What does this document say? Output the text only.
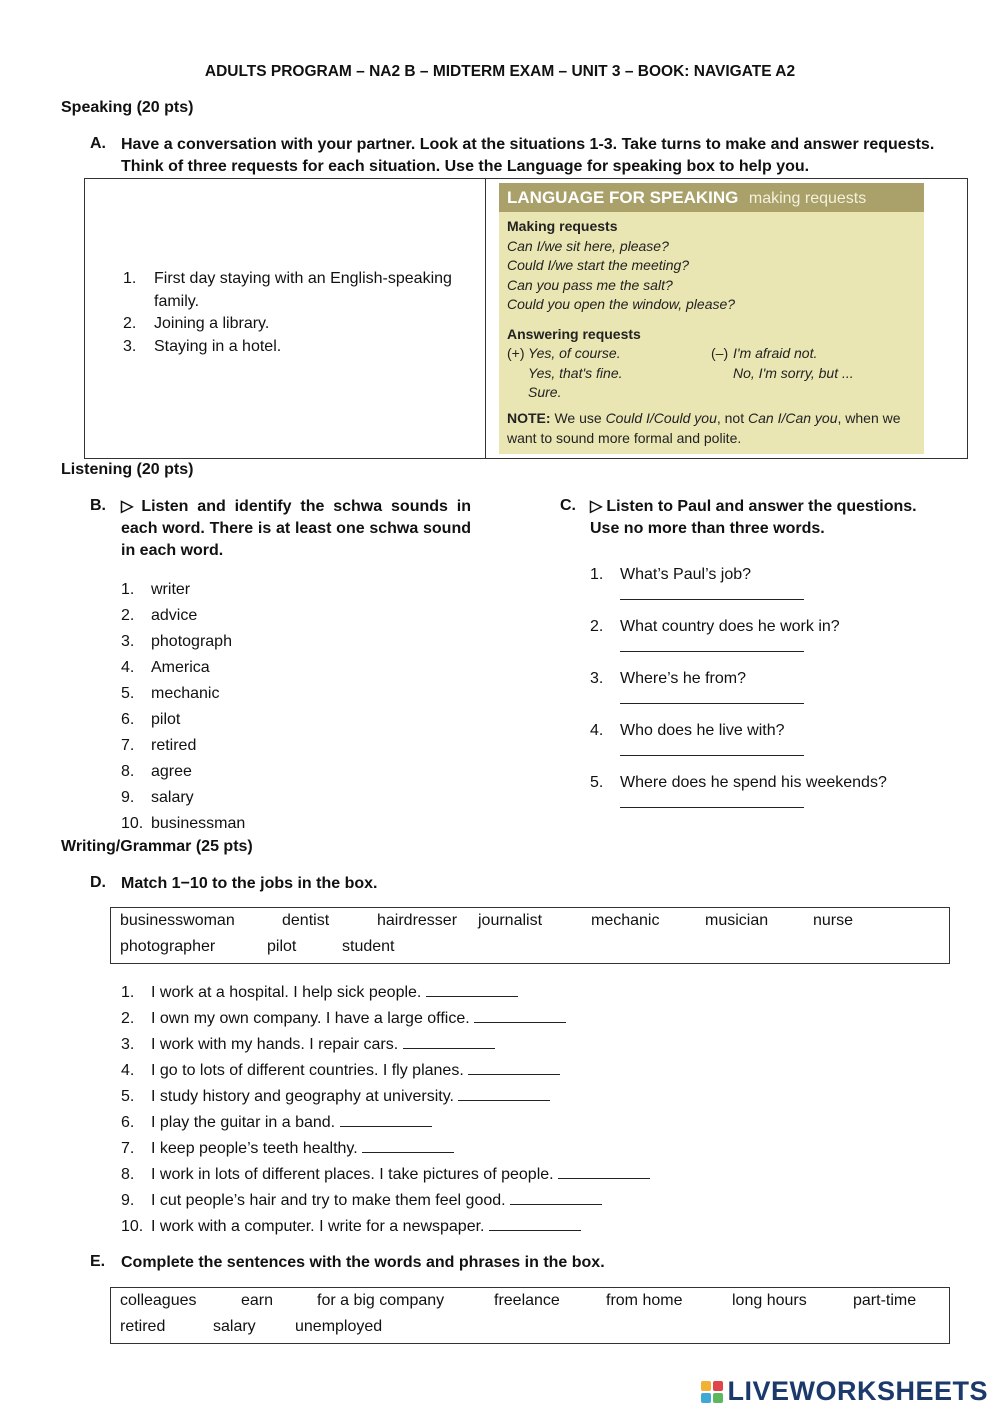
ADULTS PROGRAM – NA2 B – MIDTERM EXAM – UNIT 3 – BOOK: NAVIGATE A2
Speaking (20 pts)
A. Have a conversation with your partner. Look at the situations 1-3. Take turns to make and answer requests.
Think of three requests for each situation. Use the Language for speaking box to help you.
1. First day staying with an English-speaking family.
2. Joining a library.
3. Staying in a hotel.
LANGUAGE FOR SPEAKING making requests
Making requests
Can I/we sit here, please?
Could I/we start the meeting?
Can you pass me the salt?
Could you open the window, please?
Answering requests
(+) Yes, of course.
Yes, that's fine.
Sure.
(–) I'm afraid not.
No, I'm sorry, but ...
NOTE: We use Could I/Could you, not Can I/Can you, when we
want to sound more formal and polite.
Listening (20 pts)
B. ▷ Listen and identify the schwa sounds in
each word. There is at least one schwa sound
in each word.
1. writer
2. advice
3. photograph
4. America
5. mechanic
6. pilot
7. retired
8. agree
9. salary
10. businessman
C. ▷ Listen to Paul and answer the questions.
Use no more than three words.
1. What’s Paul’s job?
2. What country does he work in?
3. Where’s he from?
4. Who does he live with?
5. Where does he spend his weekends?
Writing/Grammar (25 pts)
D. Match 1−10 to the jobs in the box.
businesswoman	dentist	hairdresser journalist	mechanic	musician	nurse
photographer	pilot	student
1. I work at a hospital. I help sick people.
2. I own my own company. I have a large office.
3. I work with my hands. I repair cars.
4. I go to lots of different countries. I fly planes.
5. I study history and geography at university.
6. I play the guitar in a band.
7. I keep people’s teeth healthy.
8. I work in lots of different places. I take pictures of people.
9. I cut people’s hair and try to make them feel good.
10. I work with a computer. I write for a newspaper.
E. Complete the sentences with the words and phrases in the box.
colleagues	earn	for a big company	freelance	from home	long hours	part-time
retired	salary unemployed
LIVEWORKSHEETS
